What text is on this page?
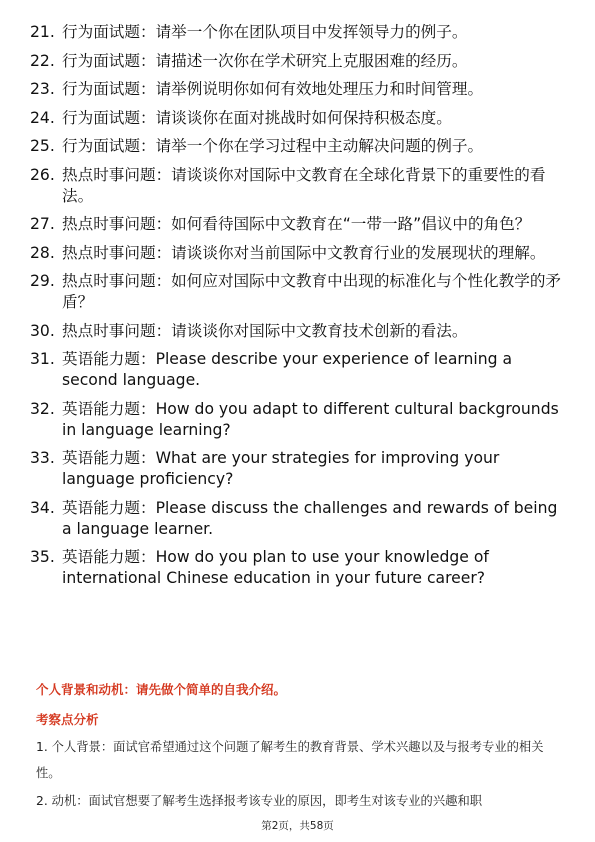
21. 行为面试题：请举一个你在团队项目中发挥领导力的例子。
22. 行为面试题：请描述一次你在学术研究上克服困难的经历。
23. 行为面试题：请举例说明你如何有效地处理压力和时间管理。
24. 行为面试题：请谈谈你在面对挑战时如何保持积极态度。
25. 行为面试题：请举一个你在学习过程中主动解决问题的例子。
26. 热点时事问题：请谈谈你对国际中文教育在全球化背景下的重要性的看法。
27. 热点时事问题：如何看待国际中文教育在“一带一路”倡议中的角色？
28. 热点时事问题：请谈谈你对当前国际中文教育行业的发展现状的理解。
29. 热点时事问题：如何应对国际中文教育中出现的标准化与个性化教学的矛盾？
30. 热点时事问题：请谈谈你对国际中文教育技术创新的看法。
31. 英语能力题：Please describe your experience of learning a second language.
32. 英语能力题：How do you adapt to different cultural backgrounds in language learning?
33. 英语能力题：What are your strategies for improving your language proficiency?
34. 英语能力题：Please discuss the challenges and rewards of being a language learner.
35. 英语能力题：How do you plan to use your knowledge of international Chinese education in your future career?
个人背景和动机：请先做个简单的自我介绍。
考察点分析
1. 个人背景：面试官希望通过这个问题了解考生的教育背景、学术兴趣以及与报考专业的相关性。
2. 动机：面试官想要了解考生选择报考该专业的原因，即考生对该专业的兴趣和职
第2页，共58页
